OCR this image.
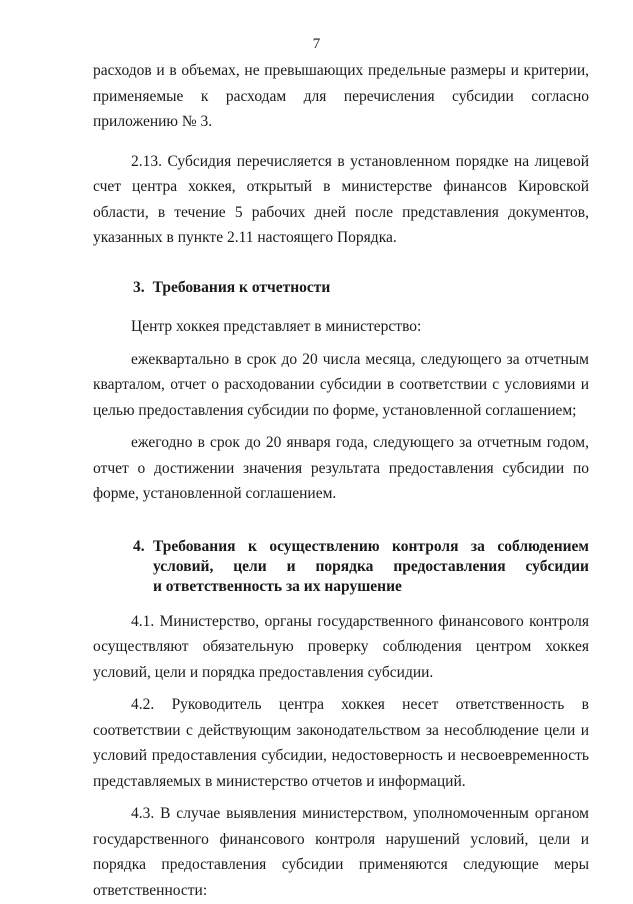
7

расходов и в объемах, не превышающих предельные размеры и критерии, применяемые к расходам для перечисления субсидии согласно приложению № 3.

2.13. Субсидия перечисляется в установленном порядке на лицевой счет центра хоккея, открытый в министерстве финансов Кировской области, в течение 5 рабочих дней после представления документов, указанных в пункте 2.11 настоящего Порядка.

3. Требования к отчетности

Центр хоккея представляет в министерство:

ежеквартально в срок до 20 числа месяца, следующего за отчетным кварталом, отчет о расходовании субсидии в соответствии с условиями и целью предоставления субсидии по форме, установленной соглашением;

ежегодно в срок до 20 января года, следующего за отчетным годом, отчет о достижении значения результата предоставления субсидии по форме, установленной соглашением.

4. Требования к осуществлению контроля за соблюдением
условий, цели и порядка предоставления субсидии
и ответственность за их нарушение

4.1. Министерство, органы государственного финансового контроля осуществляют обязательную проверку соблюдения центром хоккея условий, цели и порядка предоставления субсидии.

4.2. Руководитель центра хоккея несет ответственность в соответствии с действующим законодательством за несоблюдение цели и условий предоставления субсидии, недостоверность и несвоевременность представляемых в министерство отчетов и информаций.

4.3. В случае выявления министерством, уполномоченным органом государственного финансового контроля нарушений условий, цели и порядка предоставления субсидии применяются следующие меры ответственности:
